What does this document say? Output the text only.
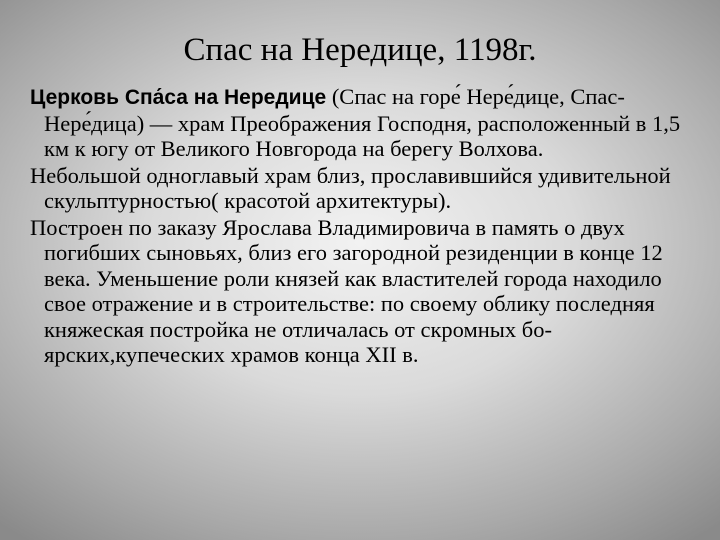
Спас на Нередице, 1198г.

Церковь Спа́са на Нередице (Спас на горе́ Нере́дице, Спас-Нере́дица) — храм Преображения Господня, расположенный в 1,5 км к югу от Великого Новгорода на берегу Волхова.

Небольшой одноглавый храм близ, прославившийся удивительной скульптурностью( красотой архитектуры).

Построен по заказу Ярослава Владимировича в память о двух погибших сыновьях, близ его загородной резиденции в конце 12 века. Уменьшение роли князей как властителей города находило свое отражение и в строительстве: по своему облику последняя княжеская постройка не отличалась от скромных бо-ярских,купеческих храмов конца XII в.
